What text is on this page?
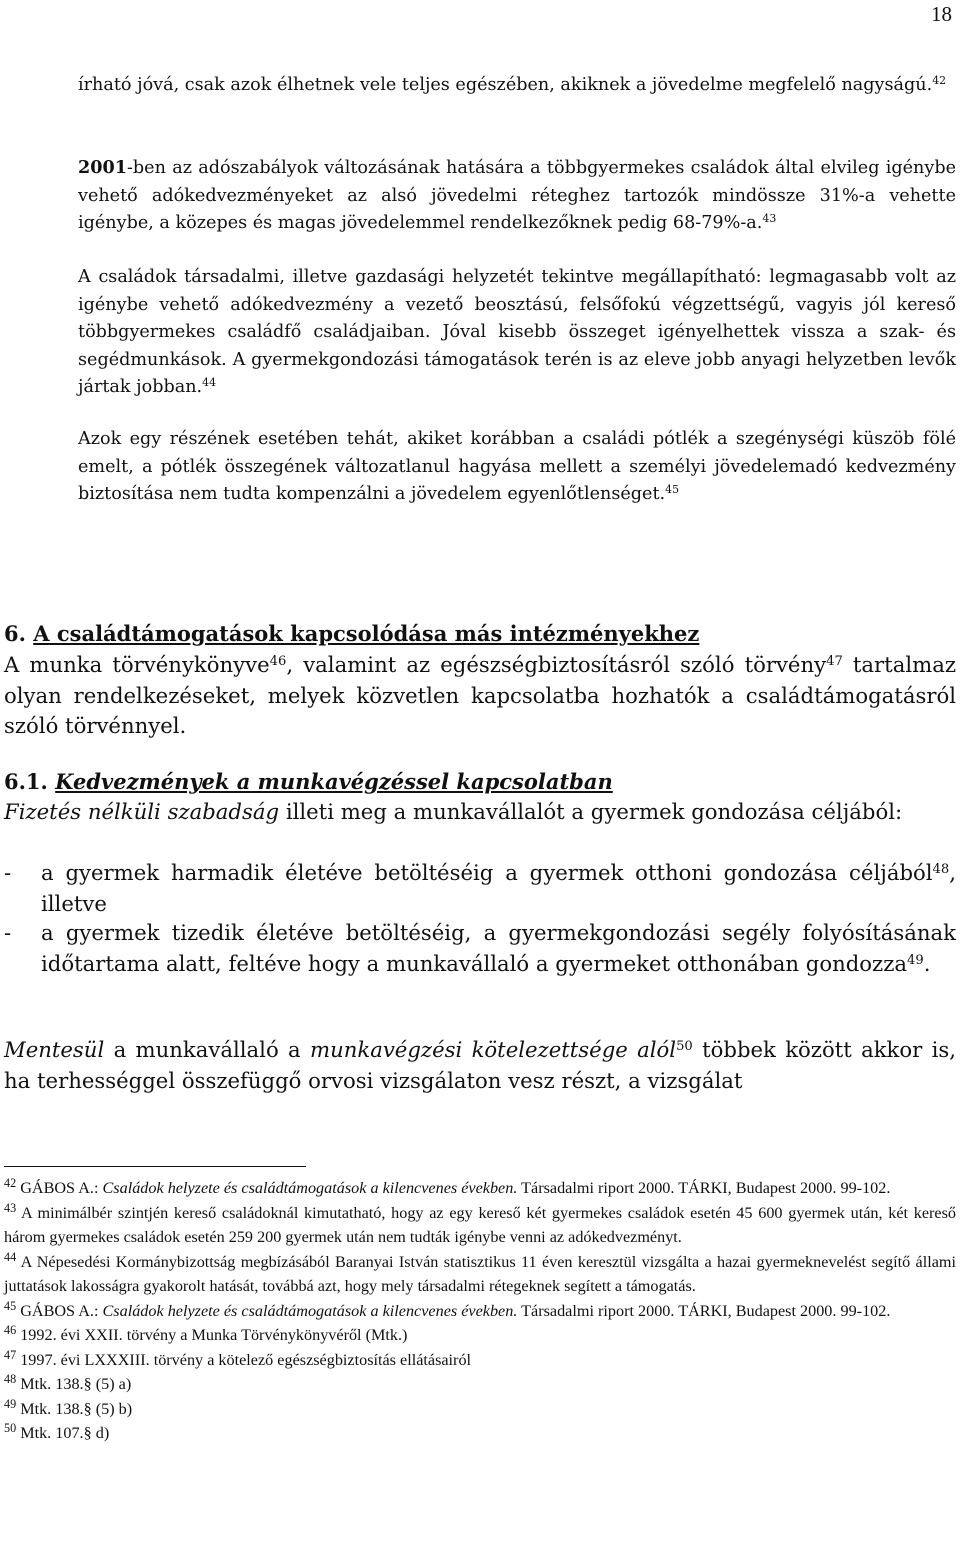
18

írható jóvá, csak azok élhetnek vele teljes egészében, akiknek a jövedelme megfelelő nagyságú.$^{42}$

2001-ben az adószabályok változásának hatására a többgyermekes családok által elvileg igénybe vehető adókedvezményeket az alsó jövedelmi réteghez tartozók mindössze 31%-a vehette igénybe, a közepes és magas jövedelemmel rendelkezőknek pedig 68-79%-a.$^{43}$

A családok társadalmi, illetve gazdasági helyzetét tekintve megállapítható: legmagasabb volt az igénybe vehető adókedvezmény a vezető beosztású, felsőfokú végzettségű, vagyis jól kereső többgyermekes családfő családjaiban. Jóval kisebb összeget igényelhettek vissza a szak- és segédmunkások. A gyermekgondozási támogatások terén is az eleve jobb anyagi helyzetben levők jártak jobban.$^{44}$

Azok egy részének esetében tehát, akiket korábban a családi pótlék a szegénységi küszöb fölé emelt, a pótlék összegének változatlanul hagyása mellett a személyi jövedelemadó kedvezmény biztosítása nem tudta kompenzálni a jövedelem egyenlőtlenséget.$^{45}$

6. A családtámogatások kapcsolódása más intézményekhez

A munka törvénykönyve$^{46}$, valamint az egészségbiztosításról szóló törvény$^{47}$ tartalmaz olyan rendelkezéseket, melyek közvetlen kapcsolatba hozhatók a családtámogatásról szóló törvénnyel.

6.1. Kedvezmények a munkavégzéssel kapcsolatban

Fizetés nélküli szabadság illeti meg a munkavállalót a gyermek gondozása céljából:

- a gyermek harmadik életéve betöltéséig a gyermek otthoni gondozása céljából$^{48}$, illetve
- a gyermek tizedik életéve betöltéséig, a gyermekgondozási segély folyósításának időtartama alatt, feltéve hogy a munkavállaló a gyermeket otthonában gondozza$^{49}$.

Mentesül a munkavállaló a munkavégzési kötelezettsége alól$^{50}$ többek között akkor is, ha terhességgel összefüggő orvosi vizsgálaton vesz részt, a vizsgálat

$^{42}$ GÁBOS A.: Családok helyzete és családtámogatások a kilencvenes években. Társadalmi riport 2000. TÁRKI, Budapest 2000. 99-102.

$^{43}$ A minimálbér szintjén kereső családoknál kimutatható, hogy az egy kereső két gyermekes családok esetén 45 600 gyermek után, két kereső három gyermekes családok esetén 259 200 gyermek után nem tudták igénybe venni az adókedvezményt.

$^{44}$ A Népesedési Kormánybizottság megbízásából Baranyai István statisztikus 11 éven keresztül vizsgálta a hazai gyermeknevelést segítő állami juttatások lakosságra gyakorolt hatását, továbbá azt, hogy mely társadalmi rétegeknek segített a támogatás.

$^{45}$ GÁBOS A.: Családok helyzete és családtámogatások a kilencvenes években. Társadalmi riport 2000. TÁRKI, Budapest 2000. 99-102.

$^{46}$ 1992. évi XXII. törvény a Munka Törvénykönyvéről (Mtk.)

$^{47}$ 1997. évi LXXXIII. törvény a kötelező egészségbiztosítás ellátásairól

$^{48}$ Mtk. 138.§ (5) a)

$^{49}$ Mtk. 138.§ (5) b)

$^{50}$ Mtk. 107.§ d)
